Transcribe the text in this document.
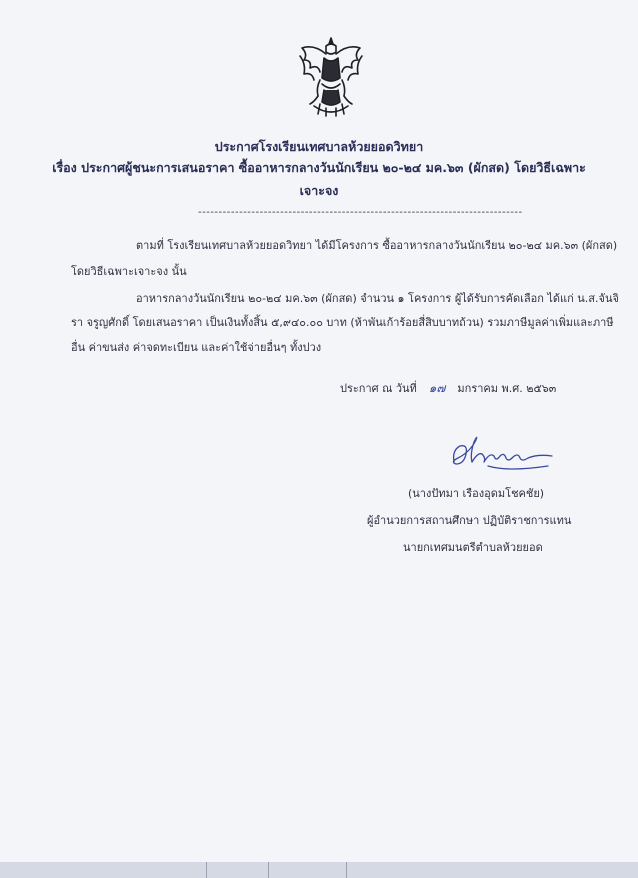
ประกาศโรงเรียนเทศบาลห้วยยอดวิทยา
เรื่อง ประกาศผู้ชนะการเสนอราคา ซื้ออาหารกลางวันนักเรียน ๒๐-๒๔ มค.๖๓ (ผักสด) โดยวิธีเฉพาะ
เจาะจง
-------------------------------------------------------------------------------
ตามที่ โรงเรียนเทศบาลห้วยยอดวิทยา ได้มีโครงการ ซื้ออาหารกลางวันนักเรียน ๒๐-๒๔ มค.๖๓ (ผักสด)
โดยวิธีเฉพาะเจาะจง นั้น
อาหารกลางวันนักเรียน ๒๐-๒๔ มค.๖๓ (ผักสด) จำนวน ๑ โครงการ ผู้ได้รับการคัดเลือก ได้แก่ น.ส.จันจิ
รา จรูญศักดิ์ โดยเสนอราคา เป็นเงินทั้งสิ้น ๕,๙๔๐.๐๐ บาท (ห้าพันเก้าร้อยสี่สิบบาทถ้วน) รวมภาษีมูลค่าเพิ่มและภาษี
อื่น ค่าขนส่ง ค่าจดทะเบียน และค่าใช้จ่ายอื่นๆ ทั้งปวง
ประกาศ ณ วันที่ ๑๗ มกราคม พ.ศ. ๒๕๖๓
(นางปัทมา เรืองอุดมโชคชัย)
ผู้อำนวยการสถานศึกษา ปฏิบัติราชการแทน
นายกเทศมนตรีตำบลห้วยยอด
